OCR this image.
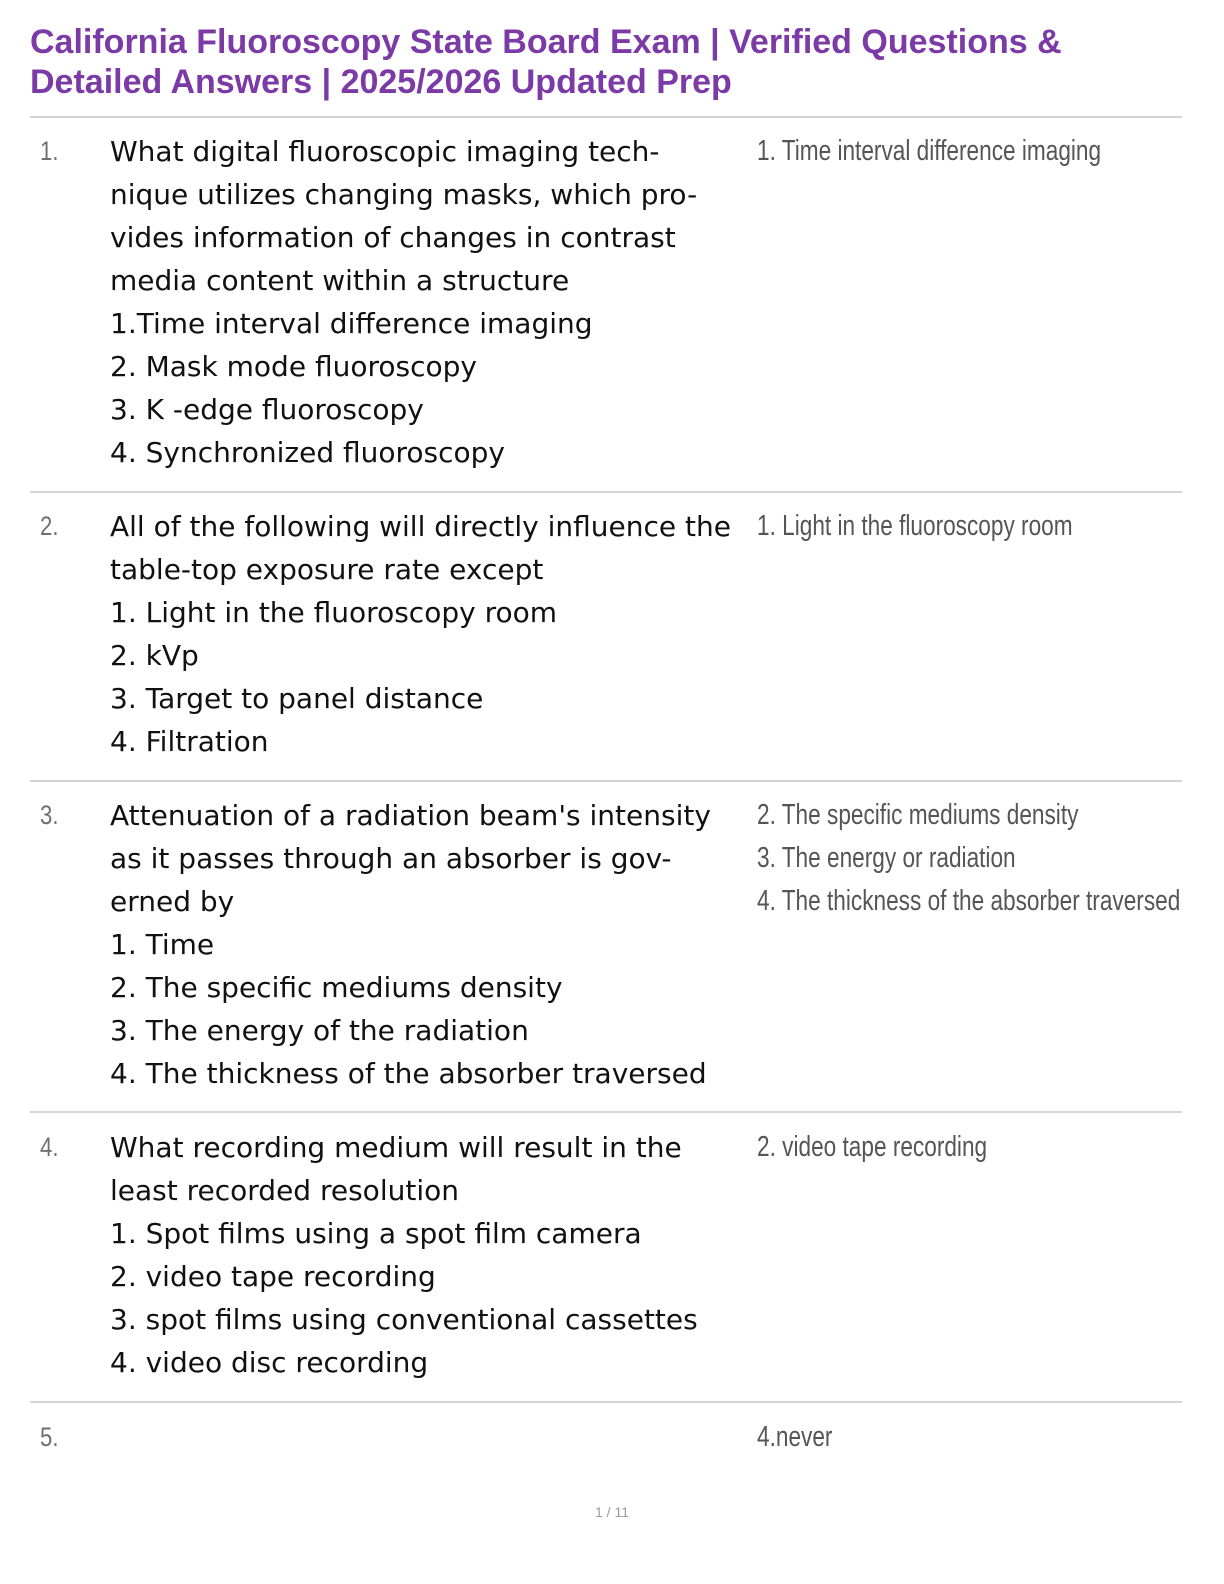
California Fluoroscopy State Board Exam | Verified Questions &
Detailed Answers | 2025/2026 Updated Prep
1. What digital fluoroscopic imaging tech-
nique utilizes changing masks, which pro-
vides information of changes in contrast
media content within a structure
1.Time interval difference imaging
2. Mask mode fluoroscopy
3. K -edge fluoroscopy
4. Synchronized fluoroscopy
1. Time interval difference imaging
2. All of the following will directly influence the
table-top exposure rate except
1. Light in the fluoroscopy room
2. kVp
3. Target to panel distance
4. Filtration
1. Light in the fluoroscopy room
3. Attenuation of a radiation beam's intensity
as it passes through an absorber is gov-
erned by
1. Time
2. The specific mediums density
3. The energy of the radiation
4. The thickness of the absorber traversed
2. The specific mediums density
3. The energy or radiation
4. The thickness of the absorber traversed
4. What recording medium will result in the
least recorded resolution
1. Spot films using a spot film camera
2. video tape recording
3. spot films using conventional cassettes
4. video disc recording
2. video tape recording
5.	4.never
1 / 11
